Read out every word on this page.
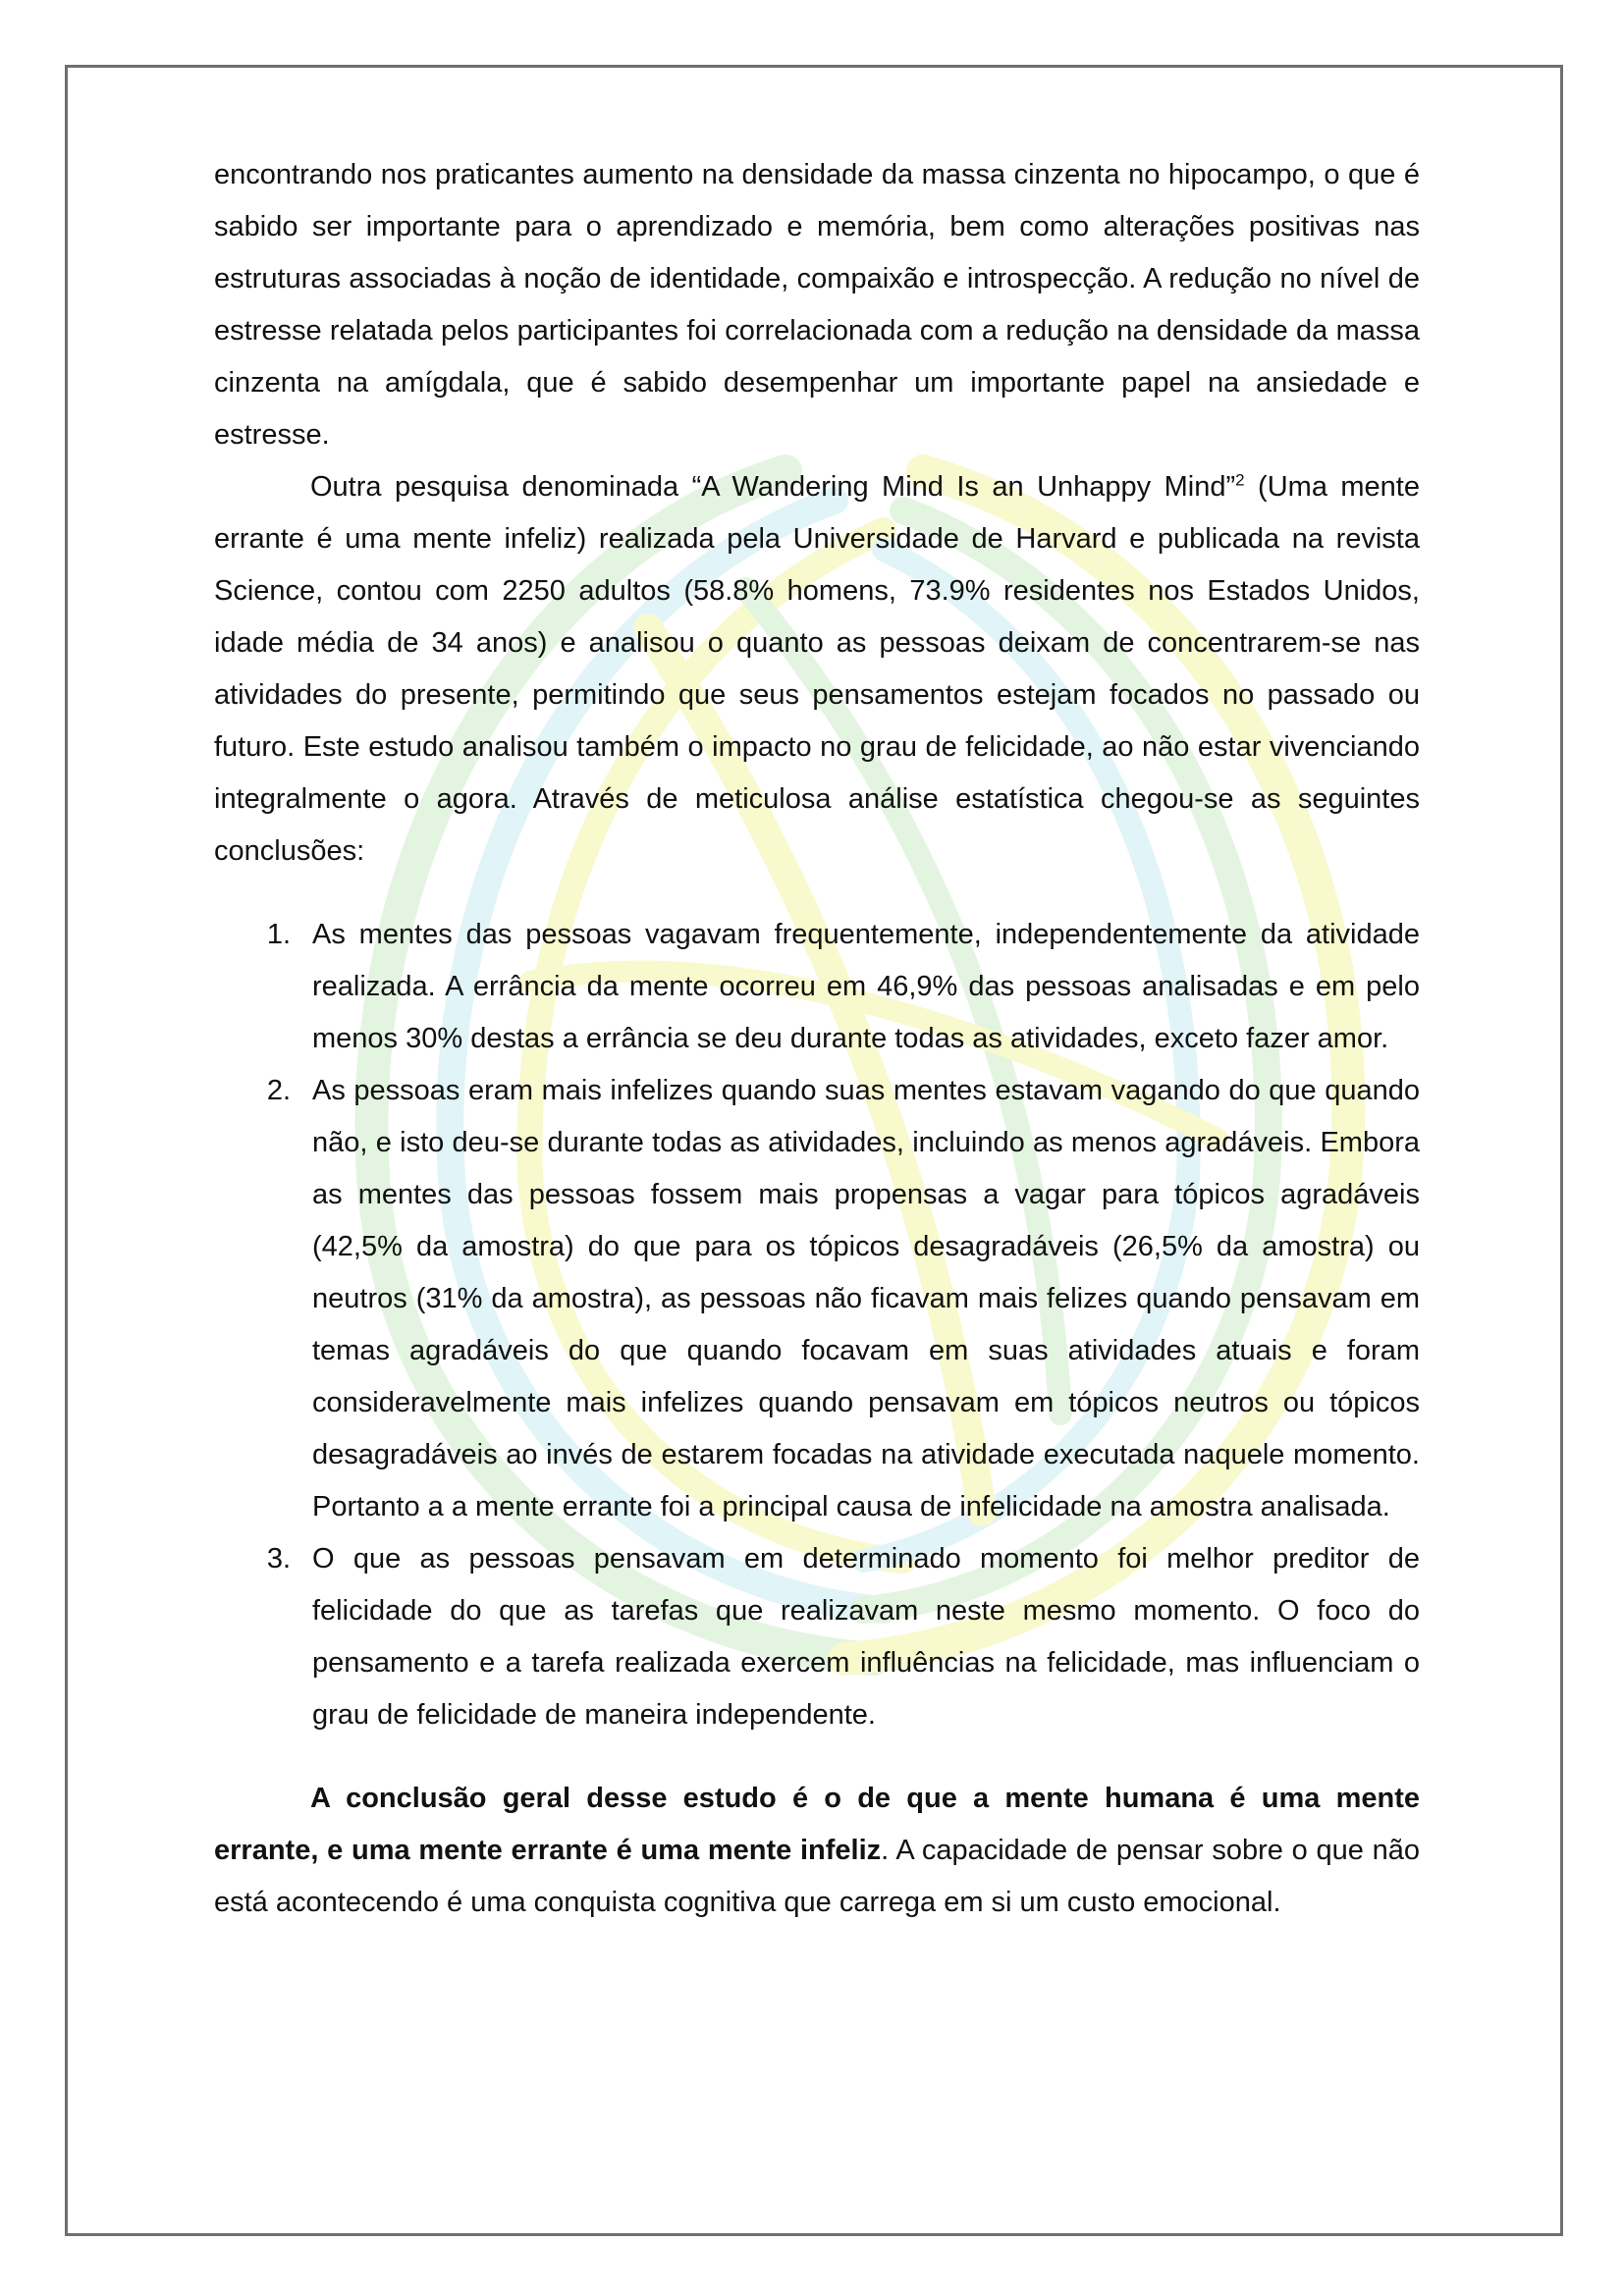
encontrando nos praticantes aumento na densidade da massa cinzenta no hipocampo, o que é sabido ser importante para o aprendizado e memória, bem como alterações positivas nas estruturas associadas à noção de identidade, compaixão e introspecção. A redução no nível de estresse relatada pelos participantes foi correlacionada com a redução na densidade da massa cinzenta na amígdala, que é sabido desempenhar um importante papel na ansiedade e estresse.

Outra pesquisa denominada “A Wandering Mind Is an Unhappy Mind”$^2$ (Uma mente errante é uma mente infeliz) realizada pela Universidade de Harvard e publicada na revista Science, contou com 2250 adultos (58.8% homens, 73.9% residentes nos Estados Unidos, idade média de 34 anos) e analisou o quanto as pessoas deixam de concentrarem-se nas atividades do presente, permitindo que seus pensamentos estejam focados no passado ou futuro. Este estudo analisou também o impacto no grau de felicidade, ao não estar vivenciando integralmente o agora. Através de meticulosa análise estatística chegou-se as seguintes conclusões:

1. As mentes das pessoas vagavam frequentemente, independentemente da atividade realizada. A errância da mente ocorreu em 46,9% das pessoas analisadas e em pelo menos 30% destas a errância se deu durante todas as atividades, exceto fazer amor.
2. As pessoas eram mais infelizes quando suas mentes estavam vagando do que quando não, e isto deu-se durante todas as atividades, incluindo as menos agradáveis. Embora as mentes das pessoas fossem mais propensas a vagar para tópicos agradáveis (42,5% da amostra) do que para os tópicos desagradáveis (26,5% da amostra) ou neutros (31% da amostra), as pessoas não ficavam mais felizes quando pensavam em temas agradáveis do que quando focavam em suas atividades atuais e foram consideravelmente mais infelizes quando pensavam em tópicos neutros ou tópicos desagradáveis ao invés de estarem focadas na atividade executada naquele momento. Portanto a a mente errante foi a principal causa de infelicidade na amostra analisada.
3. O que as pessoas pensavam em determinado momento foi melhor preditor de felicidade do que as tarefas que realizavam neste mesmo momento. O foco do pensamento e a tarefa realizada exercem influências na felicidade, mas influenciam o grau de felicidade de maneira independente.

A conclusão geral desse estudo é o de que a mente humana é uma mente errante, e uma mente errante é uma mente infeliz. A capacidade de pensar sobre o que não está acontecendo é uma conquista cognitiva que carrega em si um custo emocional.
